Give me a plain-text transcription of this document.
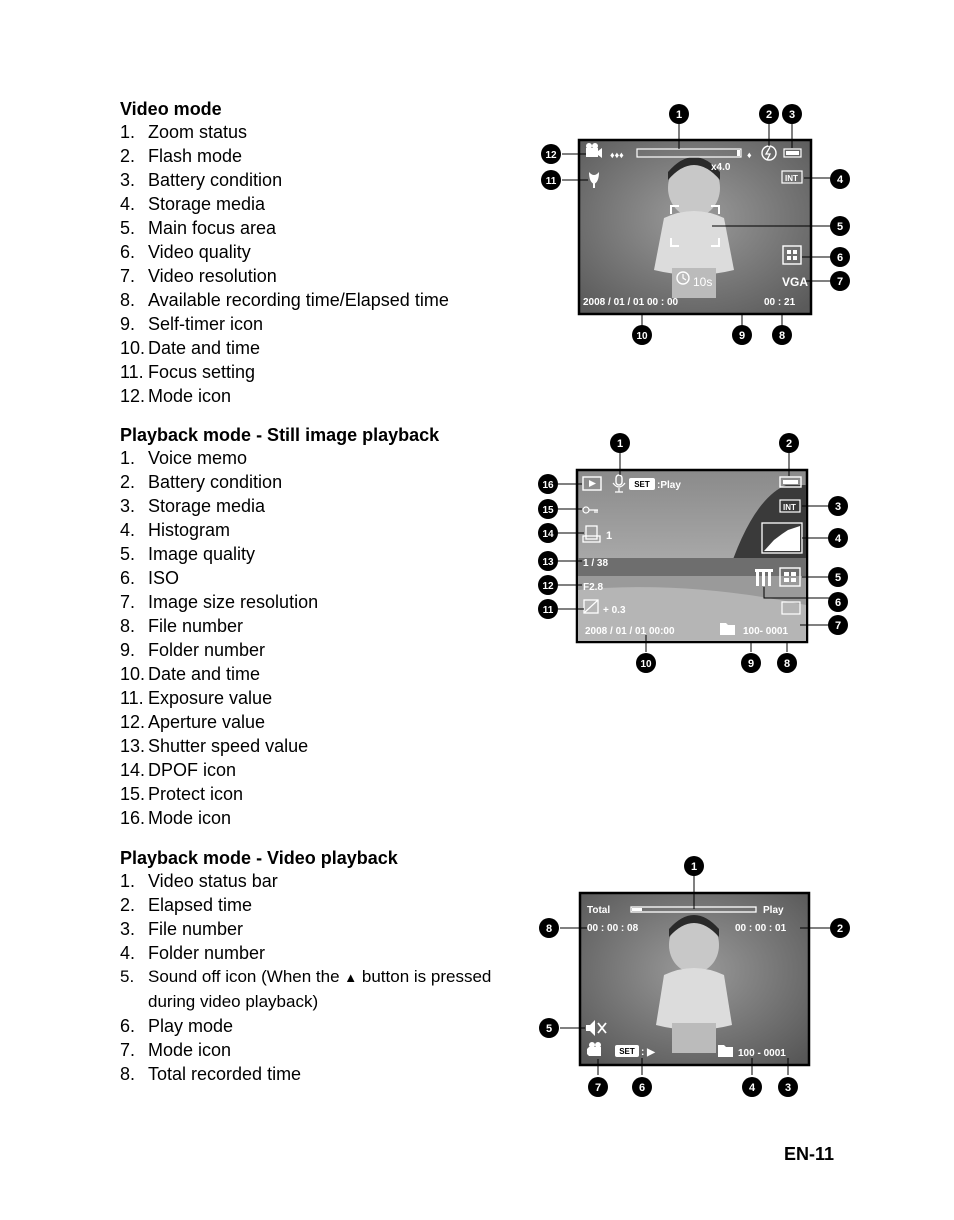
Video mode
1. Zoom status
2. Flash mode
3. Battery condition
4. Storage media
5. Main focus area
6. Video quality
7. Video resolution
8. Available recording time/Elapsed time
9. Self-timer icon
10. Date and time
11. Focus setting
12. Mode icon
Playback mode - Still image playback
1. Voice memo
2. Battery condition
3. Storage media
4. Histogram
5. Image quality
6. ISO
7. Image size resolution
8. File number
9. Folder number
10. Date and time
11. Exposure value
12. Aperture value
13. Shutter speed value
14. DPOF icon
15. Protect icon
16. Mode icon
Playback mode - Video playback
1. Video status bar
2. Elapsed time
3. File number
4. Folder number
5. Sound off icon (When the ▲ button is pressed
during video playback)
6. Play mode
7. Mode icon
8. Total recorded time
♦♦♦	♦
x4.0
INT
VGA
10s
2008 / 01 / 01 00 : 00	00 : 21
1	2 3
4
5
6
7
8
9
10
11
12
SET :Play
INT
1
1 / 38
F2.8
+ 0.3
2008 / 01 / 01 00:00	100- 0001
1	2
3
4
5
6
7
8
9
10
11
12
13
14
15
16
Total	Play
00 : 00 : 08	00 : 00 : 01
SET : ▶	100 - 0001
1
2
3
4
5
6
7
8
EN-11
